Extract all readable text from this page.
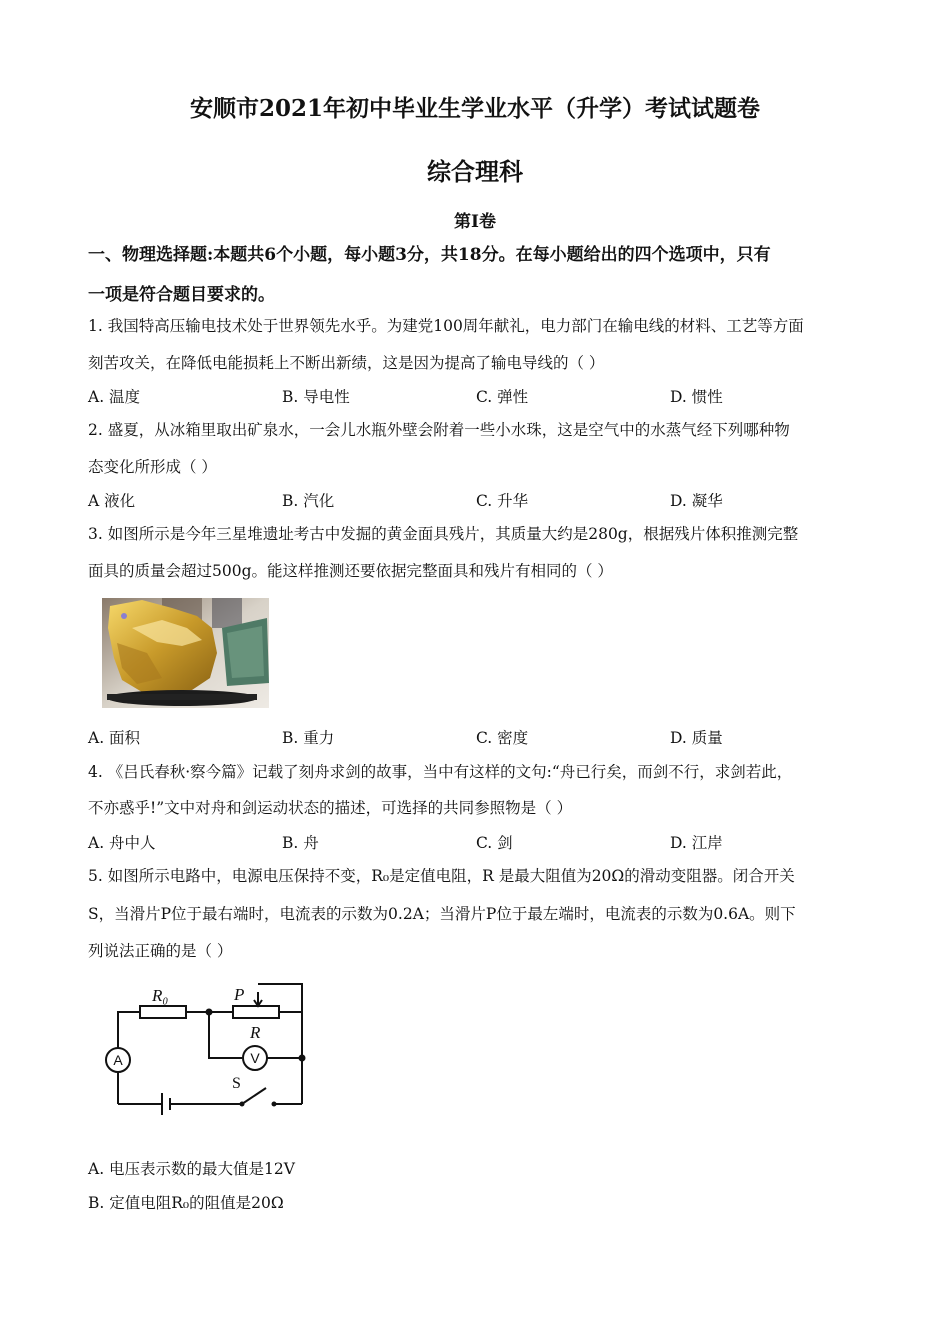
安顺市2021年初中毕业生学业水平（升学）考试试题卷
综合理科
第Ⅰ卷
一、物理选择题:本题共6个小题，每小题3分，共18分。在每小题给出的四个选项中，只有
一项是符合题目要求的。
1. 我国特高压输电技术处于世界领先水乎。为建党100周年献礼，电力部门在输电线的材料、工艺等方面
刻苦攻关，在降低电能损耗上不断出新绩，这是因为提高了输电导线的（ ）
A. 温度	B. 导电性	C. 弹性	D. 惯性
2. 盛夏，从冰箱里取出矿泉水，一会儿水瓶外壁会附着一些小水珠，这是空气中的水蒸气经下列哪种物
态变化所形成（ ）
A 液化	B. 汽化	C. 升华	D. 凝华
3. 如图所示是今年三星堆遗址考古中发掘的黄金面具残片，其质量大约是280g，根据残片体积推测完整
面具的质量会超过500g。能这样推测还要依据完整面具和残片有相同的（ ）
A. 面积	B. 重力	C. 密度	D. 质量
4. 《吕氏春秋·察今篇》记载了刻舟求剑的故事，当中有这样的文句:“舟已行矣，而剑不行，求剑若此，
不亦惑乎!”文中对舟和剑运动状态的描述，可选择的共同参照物是（ ）
A. 舟中人	B. 舟	C. 剑	D. 江岸
5. 如图所示电路中，电源电压保持不变，R₀是定值电阻，R 是最大阻值为20Ω的滑动变阻器。闭合开关
S，当滑片P位于最右端时，电流表的示数为0.2A；当滑片P位于最左端时，电流表的示数为0.6A。则下
列说法正确的是（ ）
R₀	P
R
V
A
S
A. 电压表示数的最大值是12V
B. 定值电阻R₀的阻值是20Ω
